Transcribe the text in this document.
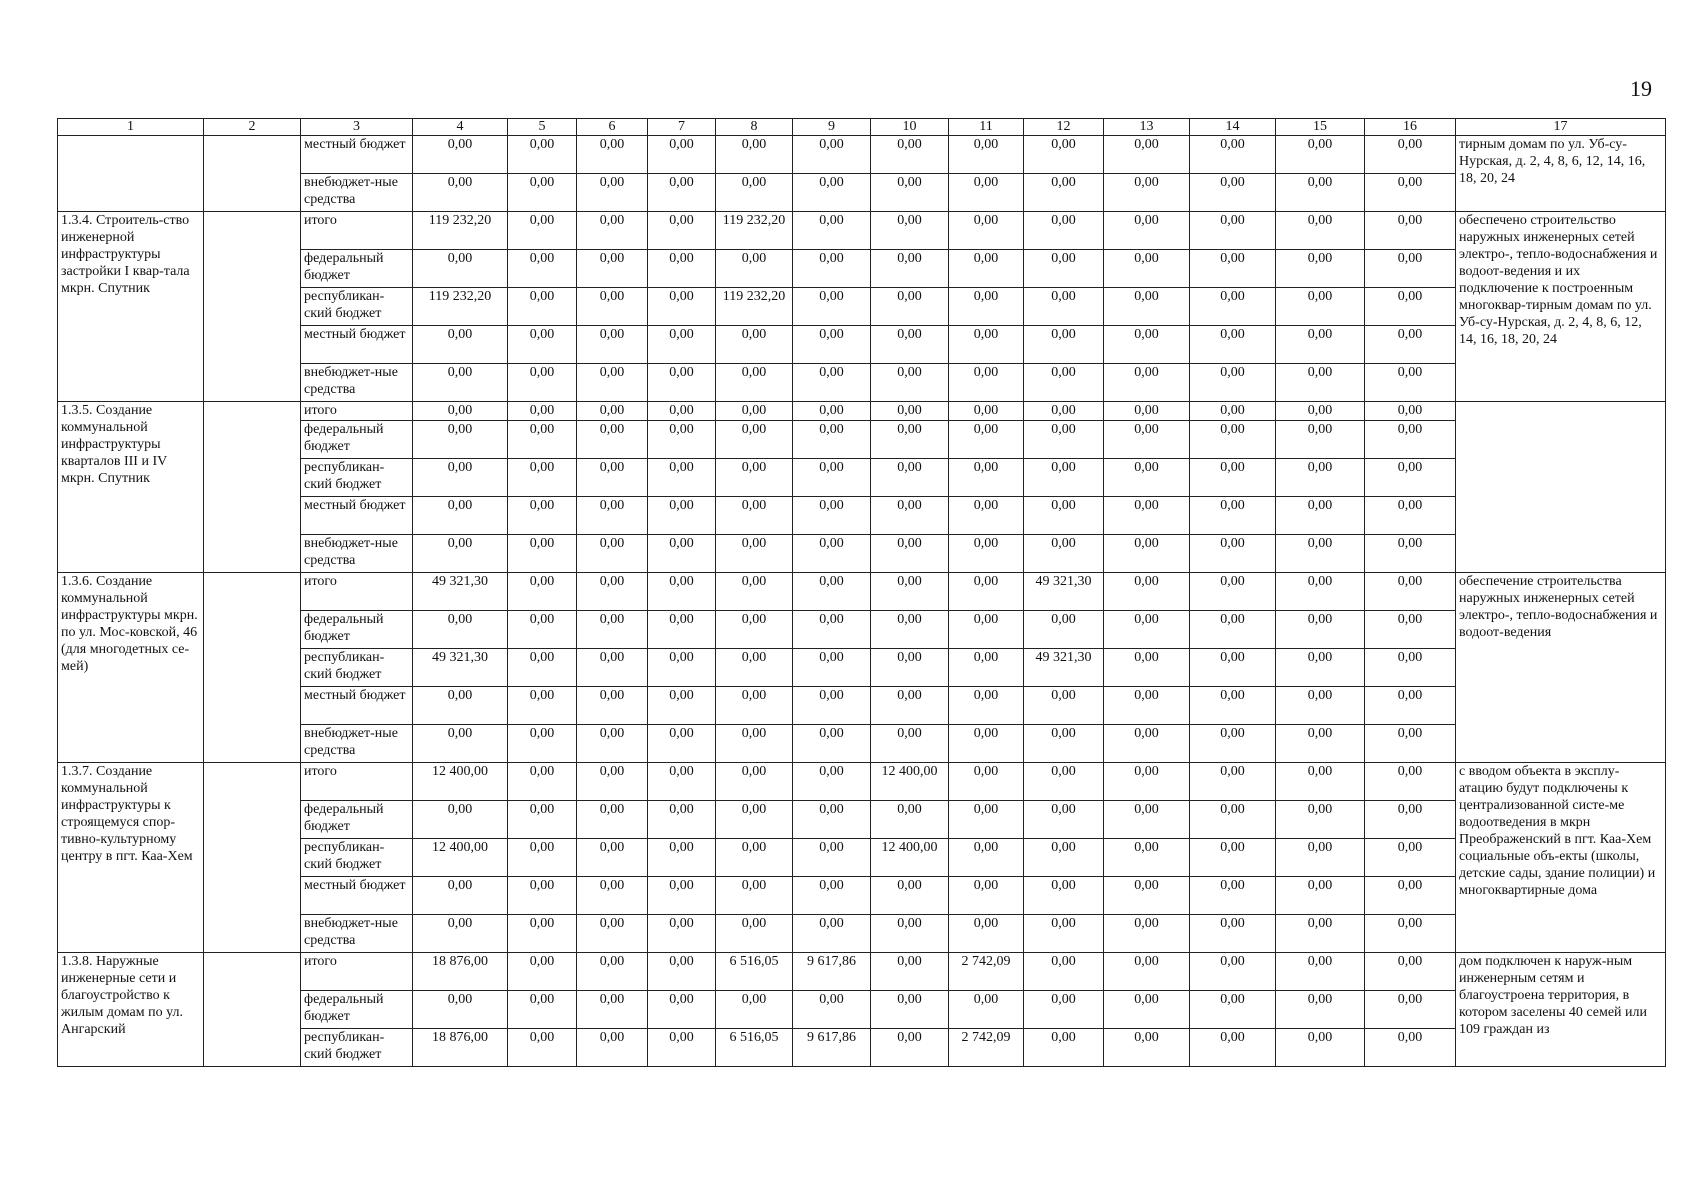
19
1	2	3	4	5	6	7	8	9	10	11	12	13	14	15	16	17
		местный бюджет	0,00	0,00	0,00	0,00	0,00	0,00	0,00	0,00	0,00	0,00	0,00	0,00	0,00	тирным домам по ул. Уб-су-Нурская, д. 2, 4, 8, 6, 12, 14, 16, 18, 20, 24
		внебюджет-ные средства	0,00	0,00	0,00	0,00	0,00	0,00	0,00	0,00	0,00	0,00	0,00	0,00	0,00	
1.3.4. Строитель-ство инженерной инфраструктуры застройки I квар-тала мкрн. Спутник		итого	119 232,20	0,00	0,00	0,00	119 232,20	0,00	0,00	0,00	0,00	0,00	0,00	0,00	0,00	обеспечено строительство наружных инженерных сетей электро-, тепло-водоснабжения и водоот-ведения и их подключение к построенным многоквар-тирным домам по ул. Уб-су-Нурская, д. 2, 4, 8, 6, 12, 14, 16, 18, 20, 24
		федеральный бюджет	0,00	0,00	0,00	0,00	0,00	0,00	0,00	0,00	0,00	0,00	0,00	0,00	0,00	
		республикан-ский бюджет	119 232,20	0,00	0,00	0,00	119 232,20	0,00	0,00	0,00	0,00	0,00	0,00	0,00	0,00	
		местный бюджет	0,00	0,00	0,00	0,00	0,00	0,00	0,00	0,00	0,00	0,00	0,00	0,00	0,00	
		внебюджет-ные средства	0,00	0,00	0,00	0,00	0,00	0,00	0,00	0,00	0,00	0,00	0,00	0,00	0,00	
1.3.5. Создание коммунальной инфраструктуры кварталов III и IV мкрн. Спутник		итого	0,00	0,00	0,00	0,00	0,00	0,00	0,00	0,00	0,00	0,00	0,00	0,00	0,00	
		федеральный бюджет	0,00	0,00	0,00	0,00	0,00	0,00	0,00	0,00	0,00	0,00	0,00	0,00	0,00	
		республикан-ский бюджет	0,00	0,00	0,00	0,00	0,00	0,00	0,00	0,00	0,00	0,00	0,00	0,00	0,00	
		местный бюджет	0,00	0,00	0,00	0,00	0,00	0,00	0,00	0,00	0,00	0,00	0,00	0,00	0,00	
		внебюджет-ные средства	0,00	0,00	0,00	0,00	0,00	0,00	0,00	0,00	0,00	0,00	0,00	0,00	0,00	
1.3.6. Создание коммунальной инфраструктуры мкрн. по ул. Мос-ковской, 46 (для многодетных се-мей)		итого	49 321,30	0,00	0,00	0,00	0,00	0,00	0,00	0,00	49 321,30	0,00	0,00	0,00	0,00	обеспечение строительства наружных инженерных сетей электро-, тепло-водоснабжения и водоот-ведения
		федеральный бюджет	0,00	0,00	0,00	0,00	0,00	0,00	0,00	0,00	0,00	0,00	0,00	0,00	0,00	
		республикан-ский бюджет	49 321,30	0,00	0,00	0,00	0,00	0,00	0,00	0,00	49 321,30	0,00	0,00	0,00	0,00	
		местный бюджет	0,00	0,00	0,00	0,00	0,00	0,00	0,00	0,00	0,00	0,00	0,00	0,00	0,00	
		внебюджет-ные средства	0,00	0,00	0,00	0,00	0,00	0,00	0,00	0,00	0,00	0,00	0,00	0,00	0,00	
1.3.7. Создание коммунальной инфраструктуры к строящемуся спор-тивно-культурному центру в пгт. Каа-Хем		итого	12 400,00	0,00	0,00	0,00	0,00	0,00	12 400,00	0,00	0,00	0,00	0,00	0,00	0,00	с вводом объекта в эксплу-атацию будут подключены к централизованной систе-ме водоотведения в мкрн Преображенский в пгт. Каа-Хем социальные объ-екты (школы, детские сады, здание полиции) и многоквартирные дома
		федеральный бюджет	0,00	0,00	0,00	0,00	0,00	0,00	0,00	0,00	0,00	0,00	0,00	0,00	0,00	
		республикан-ский бюджет	12 400,00	0,00	0,00	0,00	0,00	0,00	12 400,00	0,00	0,00	0,00	0,00	0,00	0,00	
		местный бюджет	0,00	0,00	0,00	0,00	0,00	0,00	0,00	0,00	0,00	0,00	0,00	0,00	0,00	
		внебюджет-ные средства	0,00	0,00	0,00	0,00	0,00	0,00	0,00	0,00	0,00	0,00	0,00	0,00	0,00	
1.3.8. Наружные инженерные сети и благоустройство к жилым домам по ул. Ангарский		итого	18 876,00	0,00	0,00	0,00	6 516,05	9 617,86	0,00	2 742,09	0,00	0,00	0,00	0,00	0,00	дом подключен к наруж-ным инженерным сетям и благоустроена территория, в котором заселены 40 семей или 109 граждан из
		федеральный бюджет	0,00	0,00	0,00	0,00	0,00	0,00	0,00	0,00	0,00	0,00	0,00	0,00	0,00	
		республикан-ский бюджет	18 876,00	0,00	0,00	0,00	6 516,05	9 617,86	0,00	2 742,09	0,00	0,00	0,00	0,00	0,00	
